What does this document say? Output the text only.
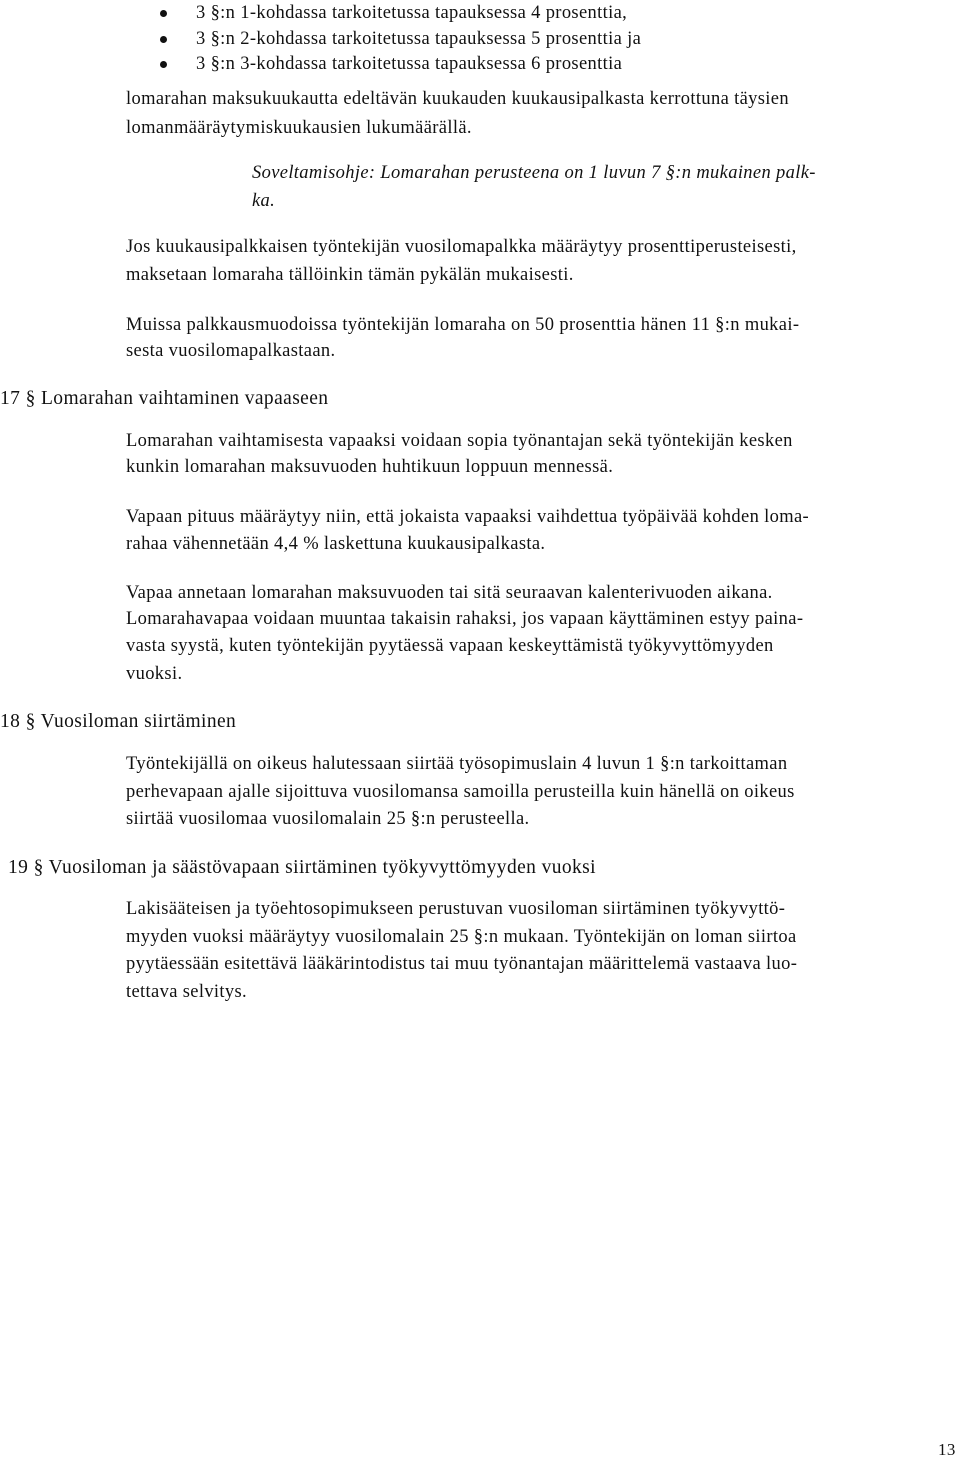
3 §:n 1-kohdassa tarkoitetussa tapauksessa 4 prosenttia,
3 §:n 2-kohdassa tarkoitetussa tapauksessa 5 prosenttia ja
3 §:n 3-kohdassa tarkoitetussa tapauksessa 6 prosenttia
lomarahan maksukuukautta edeltävän kuukauden kuukausipalkasta kerrottuna täysien
lomanmääräytymiskuukausien lukumäärällä.
Soveltamisohje: Lomarahan perusteena on 1 luvun 7 §:n mukainen palk-
ka.
Jos kuukausipalkkaisen työntekijän vuosilomapalkka määräytyy prosenttiperusteisesti,
maksetaan lomaraha tällöinkin tämän pykälän mukaisesti.
Muissa palkkausmuodoissa työntekijän lomaraha on 50 prosenttia hänen 11 §:n mukai-
sesta vuosilomapalkastaan.
17 § Lomarahan vaihtaminen vapaaseen
Lomarahan vaihtamisesta vapaaksi voidaan sopia työnantajan sekä työntekijän kesken
kunkin lomarahan maksuvuoden huhtikuun loppuun mennessä.
Vapaan pituus määräytyy niin, että jokaista vapaaksi vaihdettua työpäivää kohden loma-
rahaa vähennetään 4,4 % laskettuna kuukausipalkasta.
Vapaa annetaan lomarahan maksuvuoden tai sitä seuraavan kalenterivuoden aikana.
Lomarahavapaa voidaan muuntaa takaisin rahaksi, jos vapaan käyttäminen estyy paina-
vasta syystä, kuten työntekijän pyytäessä vapaan keskeyttämistä työkyvyttömyyden
vuoksi.
18 § Vuosiloman siirtäminen
Työntekijällä on oikeus halutessaan siirtää työsopimuslain 4 luvun 1 §:n tarkoittaman
perhevapaan ajalle sijoittuva vuosilomansa samoilla perusteilla kuin hänellä on oikeus
siirtää vuosilomaa vuosilomalain 25 §:n perusteella.
19 § Vuosiloman ja säästövapaan siirtäminen työkyvyttömyyden vuoksi
Lakisääteisen ja työehtosopimukseen perustuvan vuosiloman siirtäminen työkyvyttö-
myyden vuoksi määräytyy vuosilomalain 25 §:n mukaan. Työntekijän on loman siirtoa
pyytäessään esitettävä lääkärintodistus tai muu työnantajan määrittelemä vastaava luo-
tettava selvitys.
13
